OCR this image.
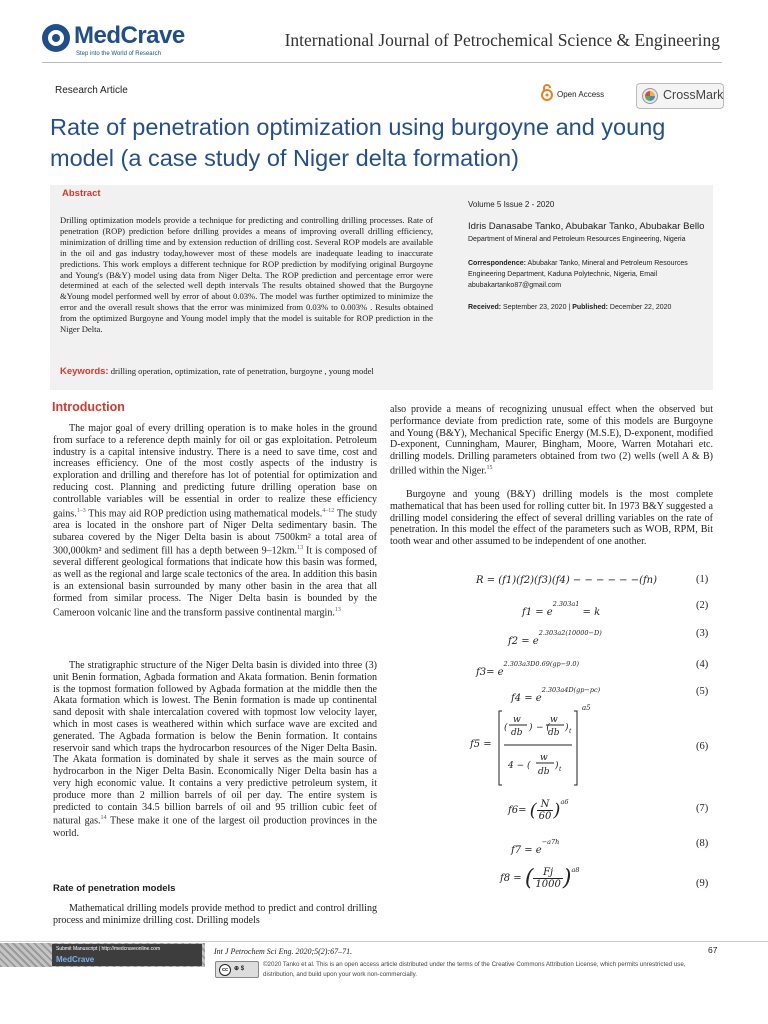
MedCrave
Step into the World of Research
International Journal of Petrochemical Science & Engineering
Research Article	Open Access	CrossMark
Rate of penetration optimization using burgoyne and young model (a case study of Niger delta formation)
Abstract
Drilling optimization models provide a technique for predicting and controlling drilling processes. Rate of penetration (ROP) prediction before drilling provides a means of improving overall drilling efficiency, minimization of drilling time and by extension reduction of drilling cost. Several ROP models are available in the oil and gas industry today,however most of these models are inadequate leading to inaccurate predictions. This work employs a different technique for ROP prediction by modifying original Burgoyne and Young's (B&Y) model using data from Niger Delta. The ROP prediction and percentage error were determined at each of the selected well depth intervals The results obtained showed that the Burgoyne &Young model performed well by error of about 0.03%. The model was further optimized to minimize the error and the overall result shows that the error was minimized from 0.03% to 0.003% . Results obtained from the optimized Burgoyne and Young model imply that the model is suitable for ROP prediction in the Niger Delta.
Keywords: drilling operation, optimization, rate of penetration, burgoyne , young model
Volume 5 Issue 2 - 2020
Idris Danasabe Tanko, Abubakar Tanko, Abubakar Bello
Department of Mineral and Petroleum Resources Engineering, Nigeria
Correspondence: Abubakar Tanko, Mineral and Petroleum Resources Engineering Department, Kaduna Polytechnic, Nigeria, Email abubakartanko87@gmail.com
Received: September 23, 2020 | Published: December 22, 2020
Introduction

The major goal of every drilling operation is to make holes in the ground from surface to a reference depth mainly for oil or gas exploitation. Petroleum industry is a capital intensive industry. There is a need to save time, cost and increases efficiency. One of the most costly aspects of the industry is exploration and drilling and therefore has lot of potential for optimization and reducing cost. Planning and predicting future drilling operation base on controllable variables will be essential in order to realize these efficiency gains.$^{1-3}$ This may aid ROP prediction using mathematical models.$^{4-12}$ The study area is located in the onshore part of Niger Delta sedimentary basin. The subarea covered by the Niger Delta basin is about 7500km² a total area of 300,000km² and sediment fill has a depth between 9–12km.$^{13}$ It is composed of several different geological formations that indicate how this basin was formed, as well as the regional and large scale tectonics of the area. In addition this basin is an extensional basin surrounded by many other basin in the area that all formed from similar process. The Niger Delta basin is bounded by the Cameroon volcanic line and the transform passive continental margin.$^{13}$

The stratigraphic structure of the Niger Delta basin is divided into three (3) unit Benin formation, Agbada formation and Akata formation. Benin formation is the topmost formation followed by Agbada formation at the middle then the Akata formation which is lowest. The Benin formation is made up continental sand deposit with shale intercalation covered with topmost low velocity layer, which in most cases is weathered within which surface wave are excited and generated. The Agbada formation is below the Benin formation. It contains reservoir sand which traps the hydrocarbon resources of the Niger Delta Basin. The Akata formation is dominated by shale it serves as the main source of hydrocarbon in the Niger Delta Basin. Economically Niger Delta basin has a very high economic value. It contains a very predictive petroleum system, it produce more than 2 million barrels of oil per day. The entire system is predicted to contain 34.5 billion barrels of oil and 95 trillion cubic feet of natural gas.$^{14}$ These make it one of the largest oil production provinces in the world.

Rate of penetration models

Mathematical drilling models provide method to predict and control drilling process and minimize drilling cost. Drilling models

also provide a means of recognizing unusual effect when the observed but performance deviate from prediction rate, some of this models are Burgoyne and Young (B&Y), Mechanical Specific Energy (M.S.E), D-exponent, modified D-exponent, Cunningham, Maurer, Bingham, Moore, Warren Motahari etc. drilling models. Drilling parameters obtained from two (2) wells (well A & B) drilled within the Niger.$^{15}$

Burgoyne and young (B&Y) drilling models is the most complete mathematical that has been used for rolling cutter bit. In 1973 B&Y suggested a drilling model considering the effect of several drilling variables on the rate of penetration. In this model the effect of the parameters such as WOB, RPM, Bit tooth wear and other assumed to be independent of one another.

R = (f1)(f2)(f3)(f4) − − − − − −(fn)	(1)
$f1 = e^{2.303a1} = k$
(2)
$f2 = e^{2.303a2(10000-D)}$	(3)
$f3= e^{2.303a3D0.69(gp-9.0)}$	(4)
$f4 = e^{2.303a4D(gp-pc)}$	(5)
f5 =
w
db
( ) − (
w
db ) t
4 − (
w
db
) t
a5
(6)
f6= ( $\frac{N}{60} )^{a6}$
(7)
$f7 = e^{-a7h}$	(8)
f8 = ( $\frac{Fj}{1000} )^{a8}$
(9)
Submit Manuscript | http://medcraveonline.com
MedCrave
Int J Petrochem Sci Eng. 2020;5(2):67–71.	67
cc ⊕ $
©2020 Tanko et al. This is an open access article distributed under the terms of the Creative Commons Attribution License, which permits unrestricted use, distribution, and build upon your work non-commercially.
